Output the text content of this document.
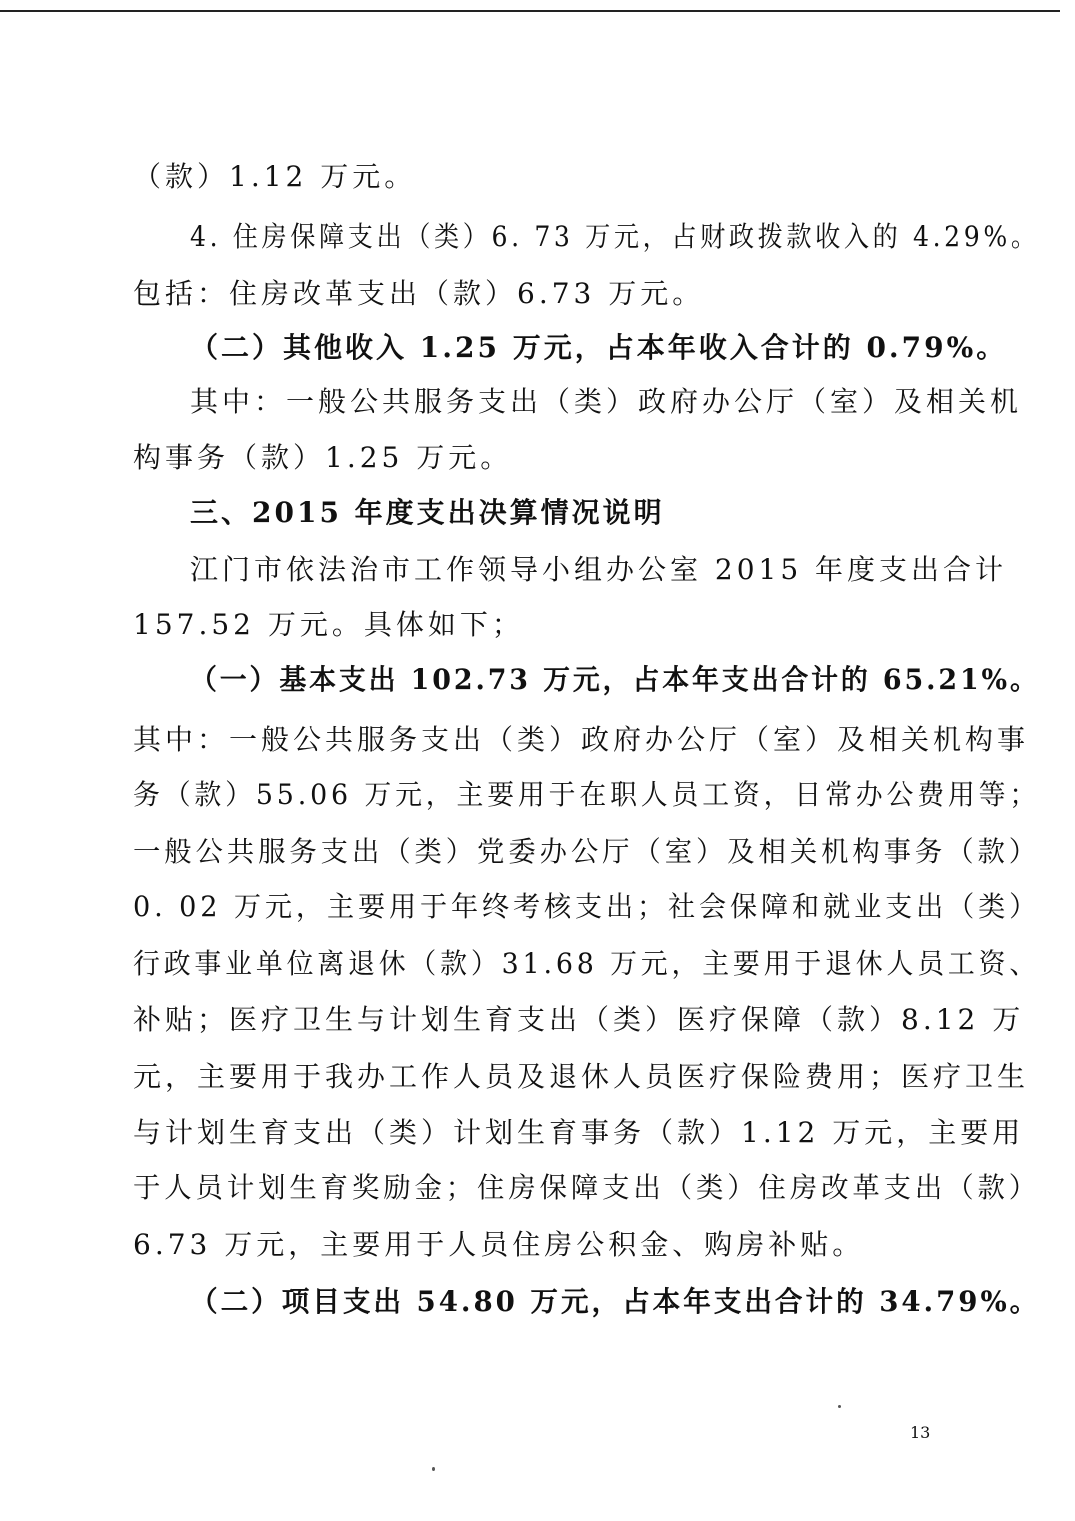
（款）1.12 万元。
4. 住房保障支出（类）6. 73 万元，占财政拨款收入的 4.29%。
包括：住房改革支出（款）6.73 万元。
（二）其他收入 1.25 万元，占本年收入合计的 0.79%。
其中：一般公共服务支出（类）政府办公厅（室）及相关机
构事务（款）1.25 万元。
三、2015 年度支出决算情况说明
江门市依法治市工作领导小组办公室 2015 年度支出合计
157.52 万元。具体如下；
（一）基本支出 102.73 万元，占本年支出合计的 65.21%。
其中：一般公共服务支出（类）政府办公厅（室）及相关机构事
务（款）55.06 万元，主要用于在职人员工资，日常办公费用等；
一般公共服务支出（类）党委办公厅（室）及相关机构事务（款）
0. 02 万元，主要用于年终考核支出；社会保障和就业支出（类）
行政事业单位离退休（款）31.68 万元，主要用于退休人员工资、
补贴；医疗卫生与计划生育支出（类）医疗保障（款）8.12 万
元，主要用于我办工作人员及退休人员医疗保险费用；医疗卫生
与计划生育支出（类）计划生育事务（款）1.12 万元，主要用
于人员计划生育奖励金；住房保障支出（类）住房改革支出（款）
6.73 万元，主要用于人员住房公积金、购房补贴。
（二）项目支出 54.80 万元，占本年支出合计的 34.79%。
13
